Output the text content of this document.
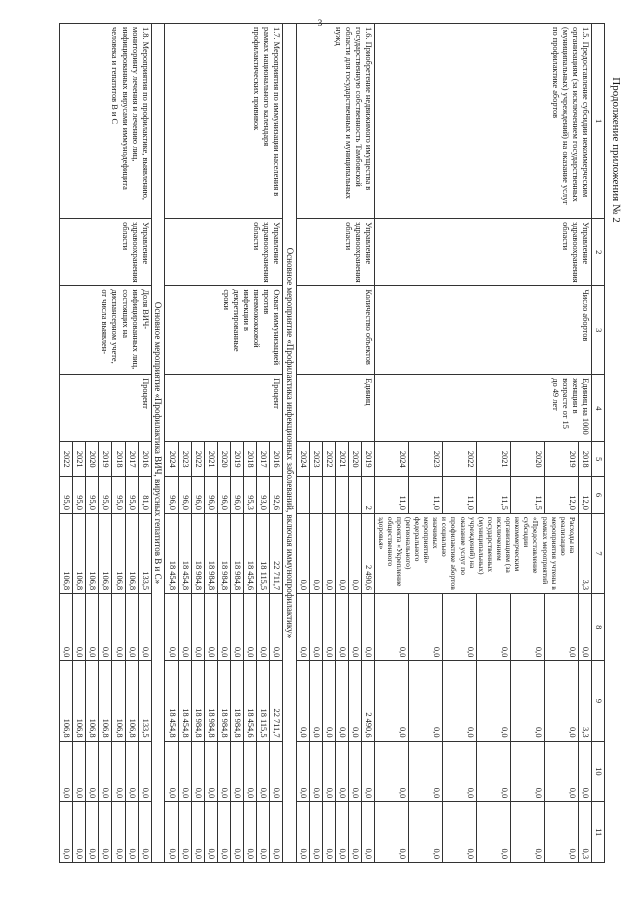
3
Продолжение приложения № 2
1	2	3	4	5	6	7	8	9	10	11
1.5. Предоставление субсидии некоммерческим организациям (за исключением государственных (муниципальных) учреждений) на оказание услуг по профилактике абортов	Управление здравоохранения области	Число абортов	Единиц на 1000 женщин в возрасте от 15 до 49 лет	2018	12,0	3,3	0,0	3,3	0,0	0,3
				2019	12,0	Расходы на реализацию мероприятия учтены в рамках мероприятий «Предоставление субсидии некоммерческим организациям (за исключением государственных (муниципальных) учреждений) на оказание услуг по профилактике абортов и социально значимых мероприятий» федерального (регионального) проекта «Укрепление общественного здоровья»	0,0	0,0	0,0	0,0
				2020	11,5		0,0	0,0	0,0	0,0
				2021	11,5		0,0	0,0	0,0	0,0
				2022	11,0		0,0	0,0	0,0	0,0
				2023	11,0		0,0	0,0	0,0	0,0
				2024	11,0		0,0	0,0	0,0	0,0
1.6. Приобретение недвижимого имущества в государственную собственность Тамбовской области для государственных и муниципальных нужд	Управление здравоохранения области	Количество объектов	Единиц	2019	2	2 490,6	0,0	2 490,6	0,0	0,0
				2020		0,0	0,0	0,0	0,0	0,0
				2021		0,0	0,0	0,0	0,0	0,0
				2022		0,0	0,0	0,0	0,0	0,0
				2023		0,0	0,0	0,0	0,0	0,0
				2024		0,0	0,0	0,0	0,0	0,0
Основное мероприятие «Профилактика инфекционных заболеваний, включая иммунопрофилактику»										
1.7. Мероприятия по иммунизации населения в рамках национального календаря профилактических прививок	Управление здравоохранения области	Охват иммунизацией против пневмококковой инфекции в декретированные сроки	Процент	2016	92,6	22 711,7	0,0	22 711,7	0,0	0,0
				2017	93,0	18 115,5	0,0	18 115,5	0,0	0,0
				2018	95,3	18 454,6	0,0	18 454,6	0,0	0,0
				2019	96,0	18 984,8	0,0	18 984,8	0,0	0,0
				2020	96,0	18 984,8	0,0	18 984,8	0,0	0,0
				2021	96,0	18 984,8	0,0	18 984,8	0,0	0,0
				2022	96,0	18 984,8	0,0	18 984,8	0,0	0,0
				2023	96,0	18 454,8	0,0	18 454,8	0,0	0,0
				2024	96,0	18 454,8	0,0	18 454,8	0,0	0,0
Основное мероприятие «Профилактика ВИЧ, вирусных гепатитов В и С»										
1.8. Мероприятия по профилактике, выявлению, мониторингу лечения и лечению лиц, инфицированных вирусами иммунодефицита человека и гепатитов В и С	Управление здравоохранения области	Доля ВИЧ-инфицированных лиц, состоящих на диспансерном учете, от числа выявлен-	Процент	2016	81,0	133,5	0,0	133,5	0,0	0,0
				2017	95,0	106,8	0,0	106,8	0,0	0,0
				2018	95,0	106,8	0,0	106,8	0,0	0,0
				2019	95,0	106,8	0,0	106,8	0,0	0,0
				2020	95,0	106,8	0,0	106,8	0,0	0,0
				2021	95,0	106,8	0,0	106,8	0,0	0,0
				2022	95,0	106,8	0,0	106,8	0,0	0,0
